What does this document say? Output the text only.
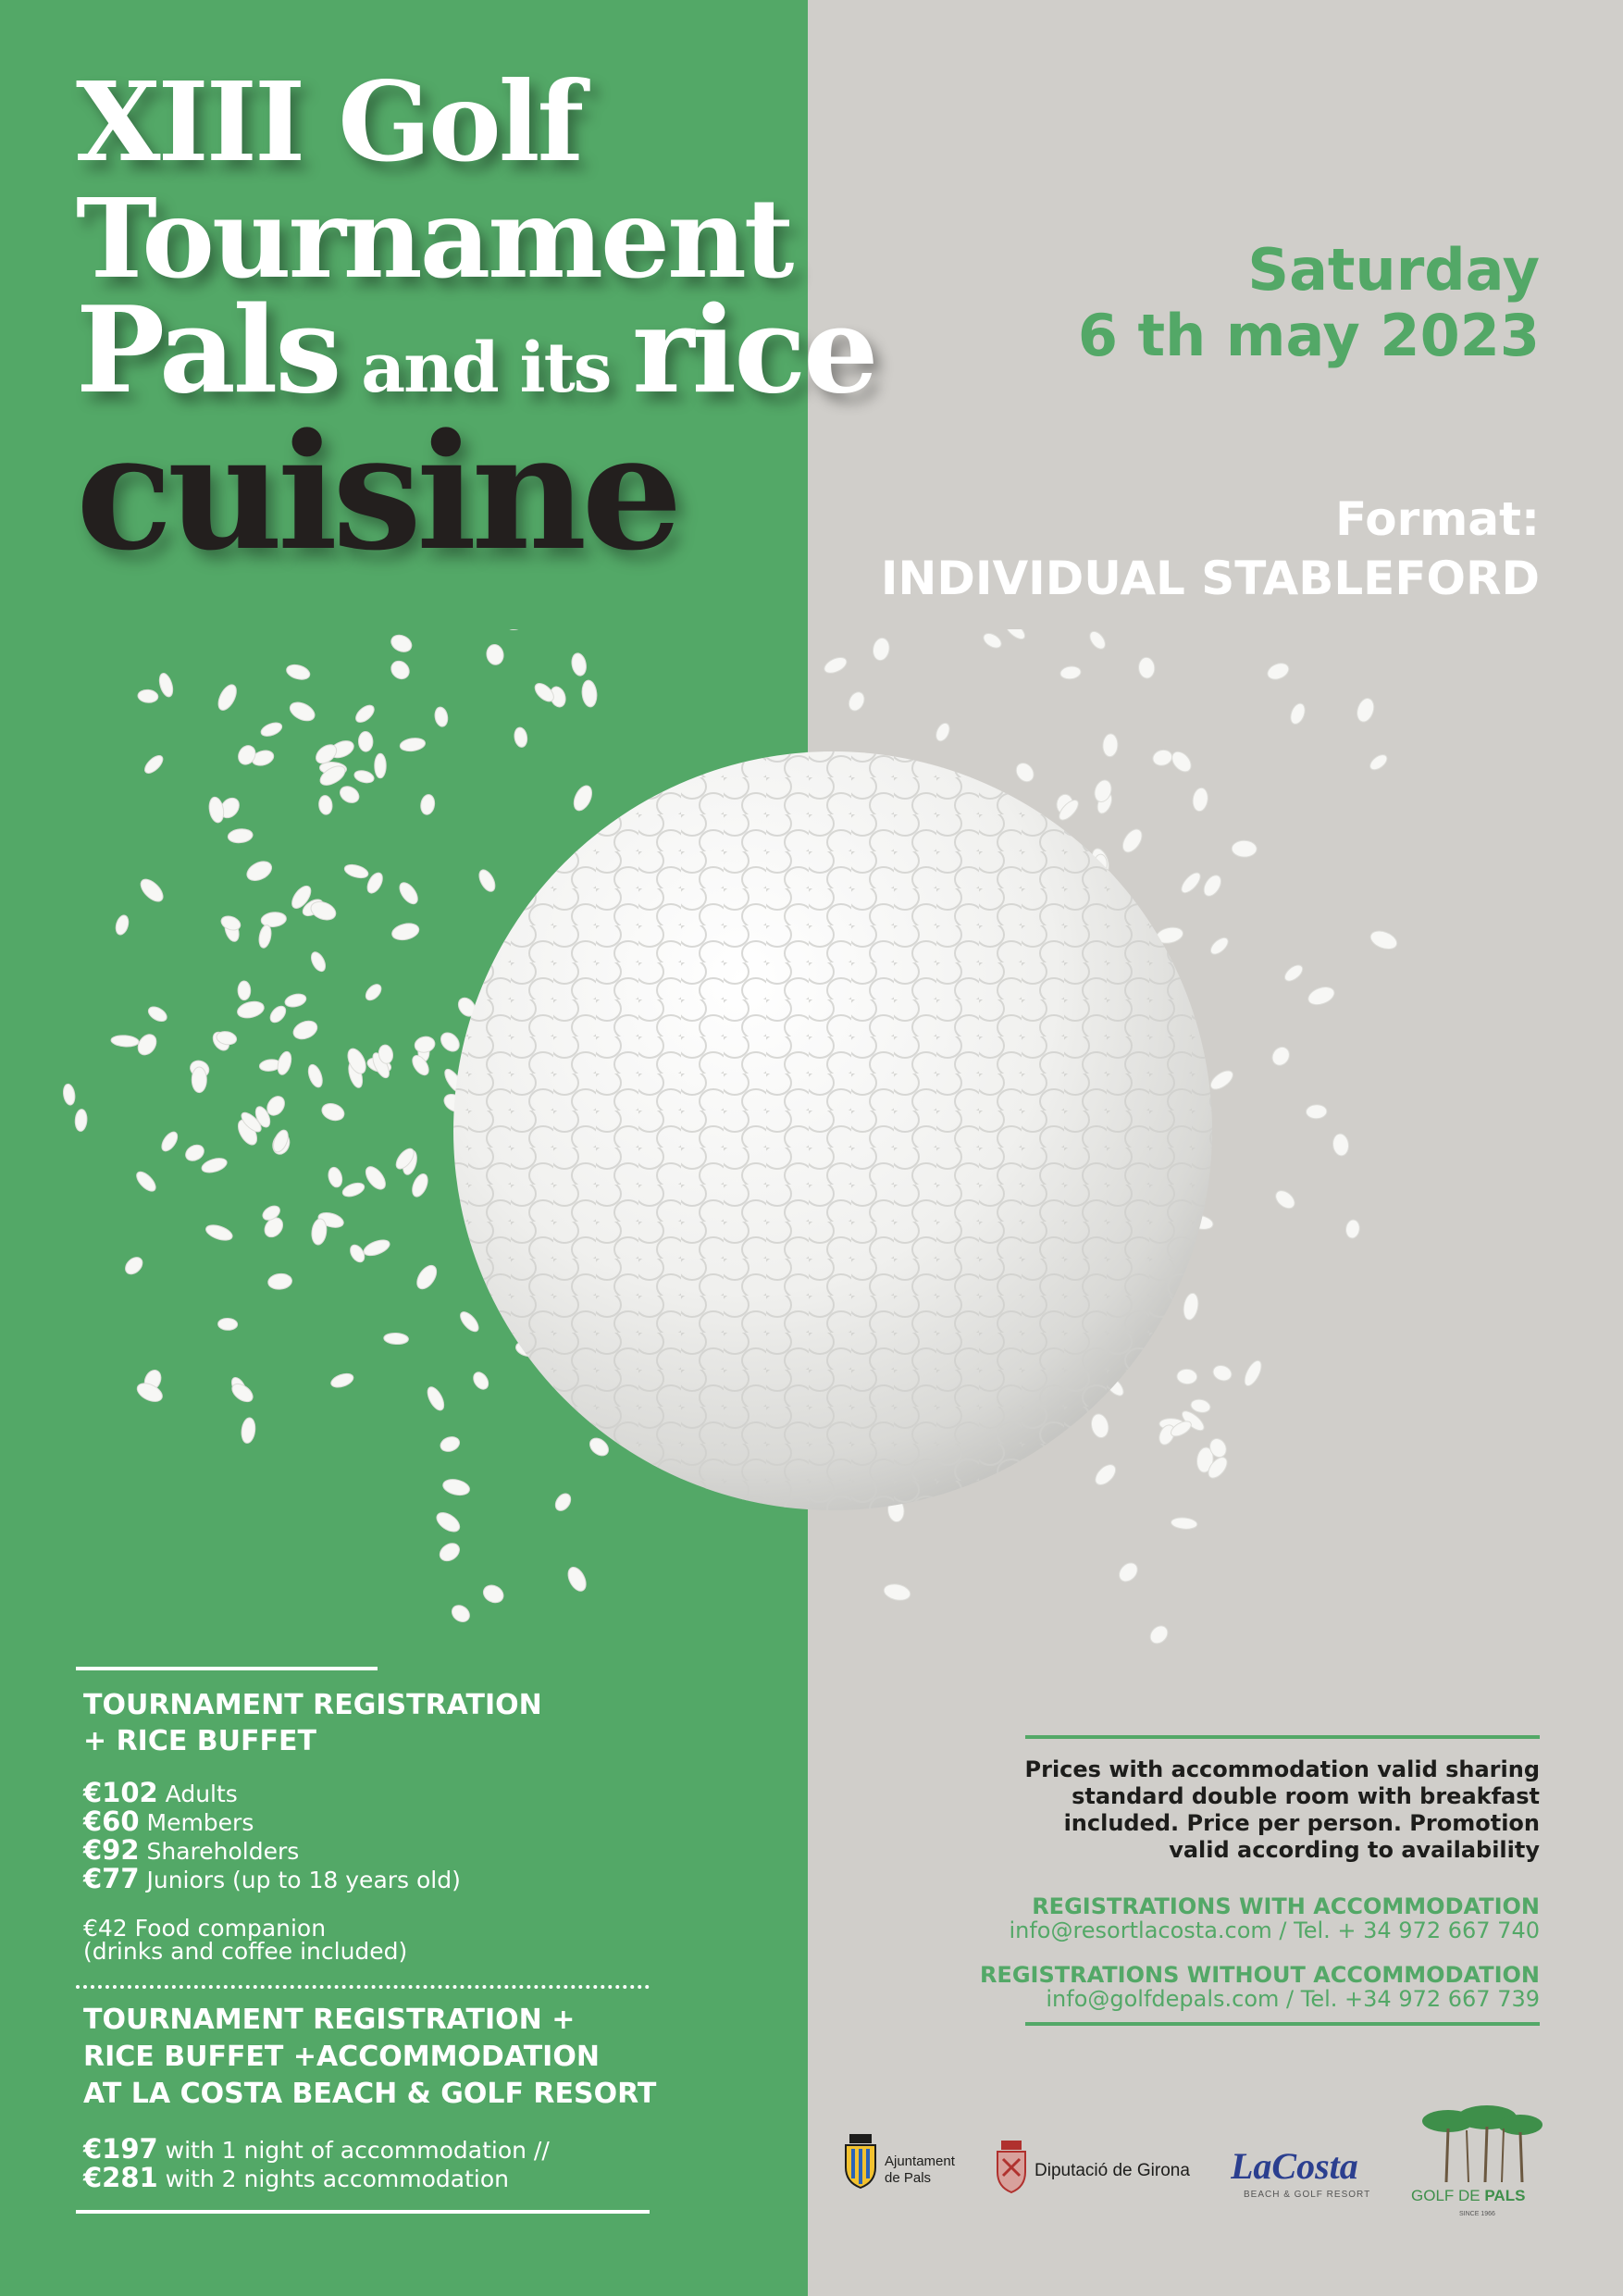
XIII Golf
Tournament
Pals and its rice
cuisine
Saturday
6 th may 2023
Format:
INDIVIDUAL STABLEFORD
TOURNAMENT REGISTRATION
+ RICE BUFFET
€102 Adults
€60 Members
€92 Shareholders
€77 Juniors (up to 18 years old)
€42 Food companion
(drinks and coffee included)
TOURNAMENT REGISTRATION +
RICE BUFFET +ACCOMMODATION
AT LA COSTA BEACH & GOLF RESORT
€197 with 1 night of accommodation //
€281 with 2 nights accommodation
Prices with accommodation valid sharing
standard double room with breakfast
included. Price per person. Promotion
valid according to availability
REGISTRATIONS WITH ACCOMMODATION
info@resortlacosta.com / Tel. + 34 972 667 740
REGISTRATIONS WITHOUT ACCOMMODATION
info@golfdepals.com / Tel. +34 972 667 739
Ajuntament
de Pals	Diputació de Girona LaCosta
BEACH & GOLF RESORT	GOLF DE PALS
SINCE 1966
